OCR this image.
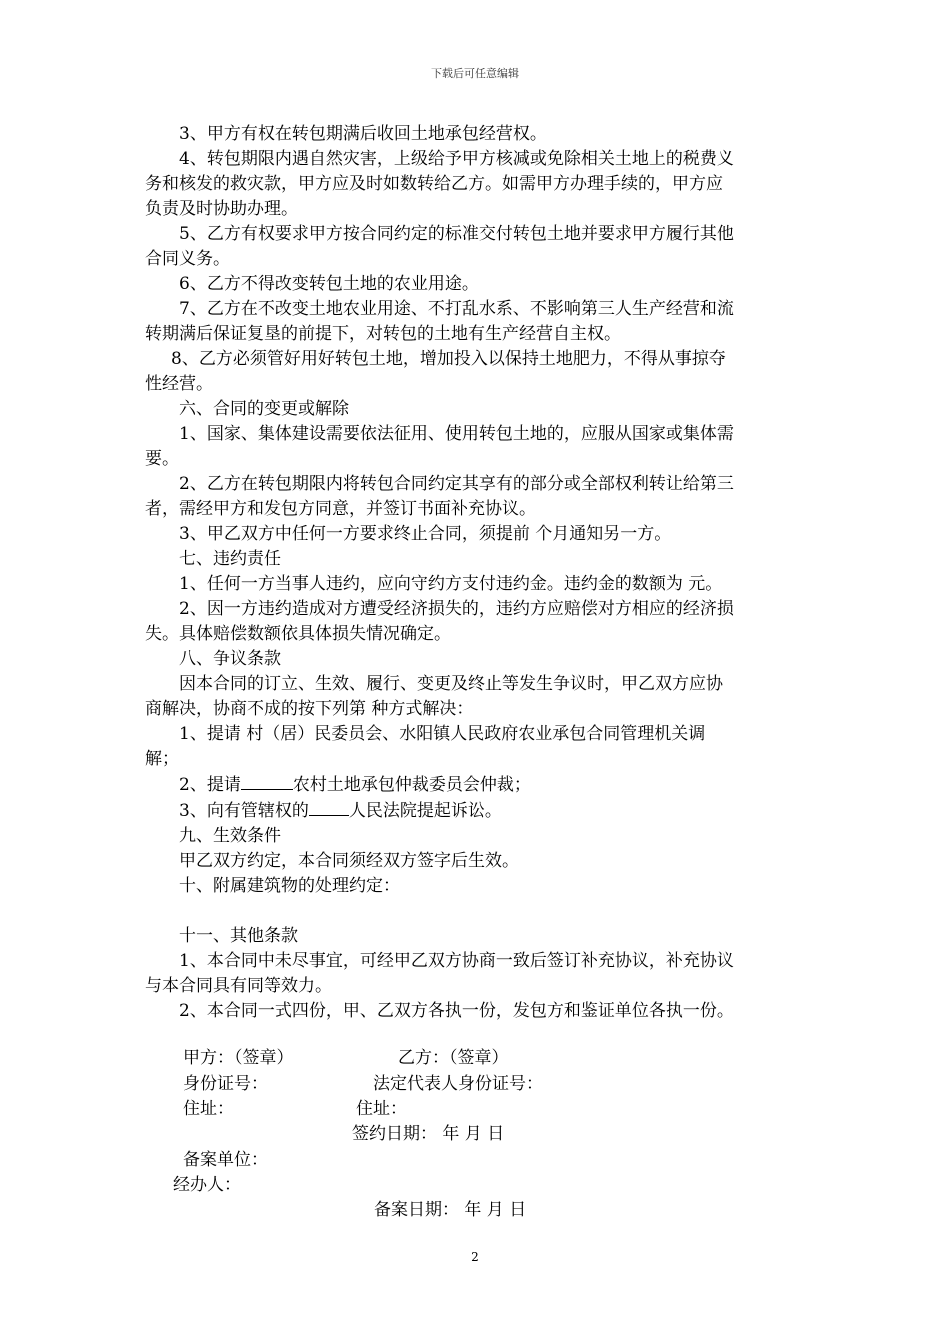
下载后可任意编辑

3、甲方有权在转包期满后收回土地承包经营权。

4、转包期限内遇自然灾害，上级给予甲方核减或免除相关土地上的税费义

务和核发的救灾款，甲方应及时如数转给乙方。如需甲方办理手续的，甲方应

负责及时协助办理。

5、乙方有权要求甲方按合同约定的标准交付转包土地并要求甲方履行其他

合同义务。

6、乙方不得改变转包土地的农业用途。

7、乙方在不改变土地农业用途、不打乱水系、不影响第三人生产经营和流

转期满后保证复垦的前提下，对转包的土地有生产经营自主权。

8、乙方必须管好用好转包土地，增加投入以保持土地肥力，不得从事掠夺

性经营。

六、合同的变更或解除

1、国家、集体建设需要依法征用、使用转包土地的，应服从国家或集体需

要。

2、乙方在转包期限内将转包合同约定其享有的部分或全部权利转让给第三

者，需经甲方和发包方同意，并签订书面补充协议。

3、甲乙双方中任何一方要求终止合同，须提前 个月通知另一方。

七、违约责任

1、任何一方当事人违约，应向守约方支付违约金。违约金的数额为 元。

2、因一方违约造成对方遭受经济损失的，违约方应赔偿对方相应的经济损

失。具体赔偿数额依具体损失情况确定。

八、争议条款

因本合同的订立、生效、履行、变更及终止等发生争议时，甲乙双方应协

商解决，协商不成的按下列第 种方式解决：

1、提请 村（居）民委员会、水阳镇人民政府农业承包合同管理机关调

解；

2、提请	农村土地承包仲裁委员会仲裁；

3、向有管辖权的 人民法院提起诉讼。

九、生效条件

甲乙双方约定，本合同须经双方签字后生效。

十、附属建筑物的处理约定：

十一、其他条款

1、本合同中未尽事宜，可经甲乙双方协商一致后签订补充协议，补充协议

与本合同具有同等效力。

2、本合同一式四份，甲、乙双方各执一份，发包方和鉴证单位各执一份。

甲方：（签章）	乙方：（签章）
身份证号：	法定代表人身份证号：
住址：	住址：
签约日期： 年 月 日
备案单位：
经办人：
备案日期： 年 月 日
2
